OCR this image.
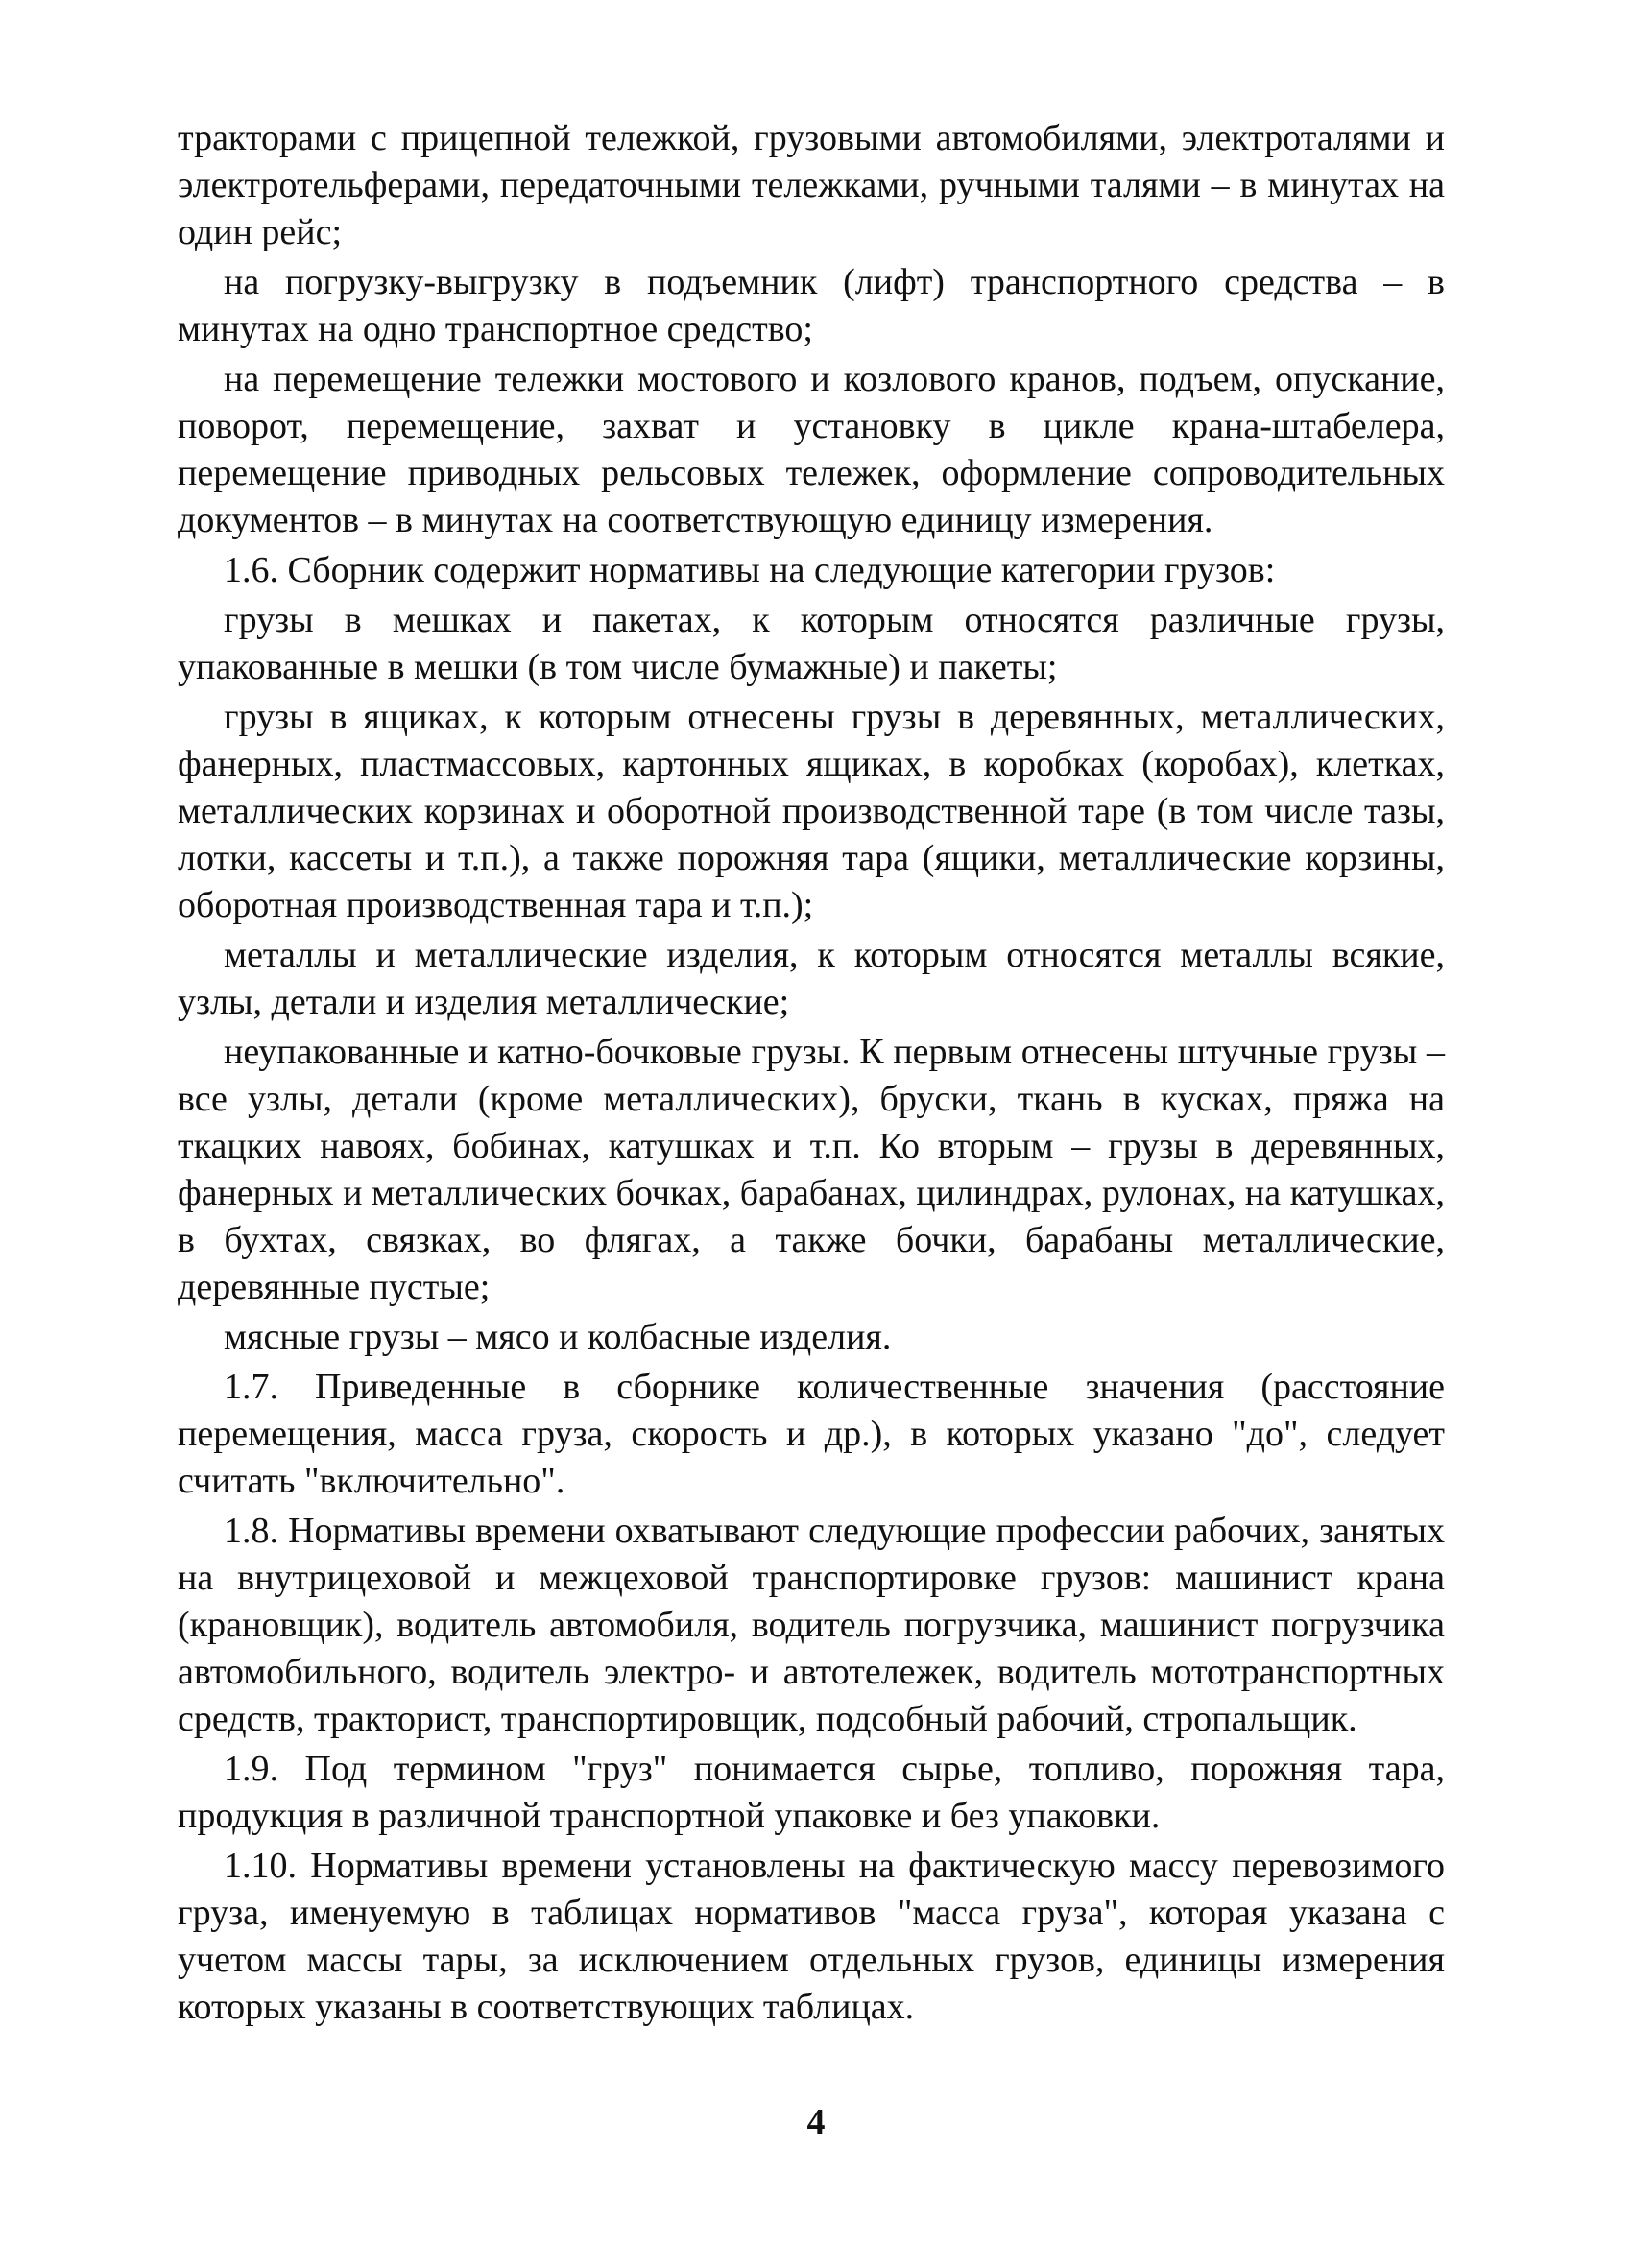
тракторами с прицепной тележкой, грузовыми автомобилями, электроталями и электротельферами, передаточными тележками, ручными талями – в минутах на один рейс;

на погрузку-выгрузку в подъемник (лифт) транспортного средства – в минутах на одно транспортное средство;

на перемещение тележки мостового и козлового кранов, подъем, опускание, поворот, перемещение, захват и установку в цикле крана-штабелера, перемещение приводных рельсовых тележек, оформление сопроводительных документов – в минутах на соответствующую единицу измерения.

1.6. Сборник содержит нормативы на следующие категории грузов:

грузы в мешках и пакетах, к которым относятся различные грузы, упакованные в мешки (в том числе бумажные) и пакеты;

грузы в ящиках, к которым отнесены грузы в деревянных, металлических, фанерных, пластмассовых, картонных ящиках, в коробках (коробах), клетках, металлических корзинах и оборотной производственной таре (в том числе тазы, лотки, кассеты и т.п.), а также порожняя тара (ящики, металлические корзины, оборотная производственная тара и т.п.);

металлы и металлические изделия, к которым относятся металлы всякие, узлы, детали и изделия металлические;

неупакованные и катно-бочковые грузы. К первым отнесены штучные грузы – все узлы, детали (кроме металлических), бруски, ткань в кусках, пряжа на ткацких навоях, бобинах, катушках и т.п. Ко вторым – грузы в деревянных, фанерных и металлических бочках, барабанах, цилиндрах, рулонах, на катушках, в бухтах, связках, во флягах, а также бочки, барабаны металлические, деревянные пустые;

мясные грузы – мясо и колбасные изделия.

1.7. Приведенные в сборнике количественные значения (расстояние перемещения, масса груза, скорость и др.), в которых указано "до", следует считать "включительно".

1.8. Нормативы времени охватывают следующие профессии рабочих, занятых на внутрицеховой и межцеховой транспортировке грузов: машинист крана (крановщик), водитель автомобиля, водитель погрузчика, машинист погрузчика автомобильного, водитель электро- и автотележек, водитель мототранспортных средств, тракторист, транспортировщик, подсобный рабочий, стропальщик.

1.9. Под термином "груз" понимается сырье, топливо, порожняя тара, продукция в различной транспортной упаковке и без упаковки.

1.10. Нормативы времени установлены на фактическую массу перевозимого груза, именуемую в таблицах нормативов "масса груза", которая указана с учетом массы тары, за исключением отдельных грузов, единицы измерения которых указаны в соответствующих таблицах.

4
